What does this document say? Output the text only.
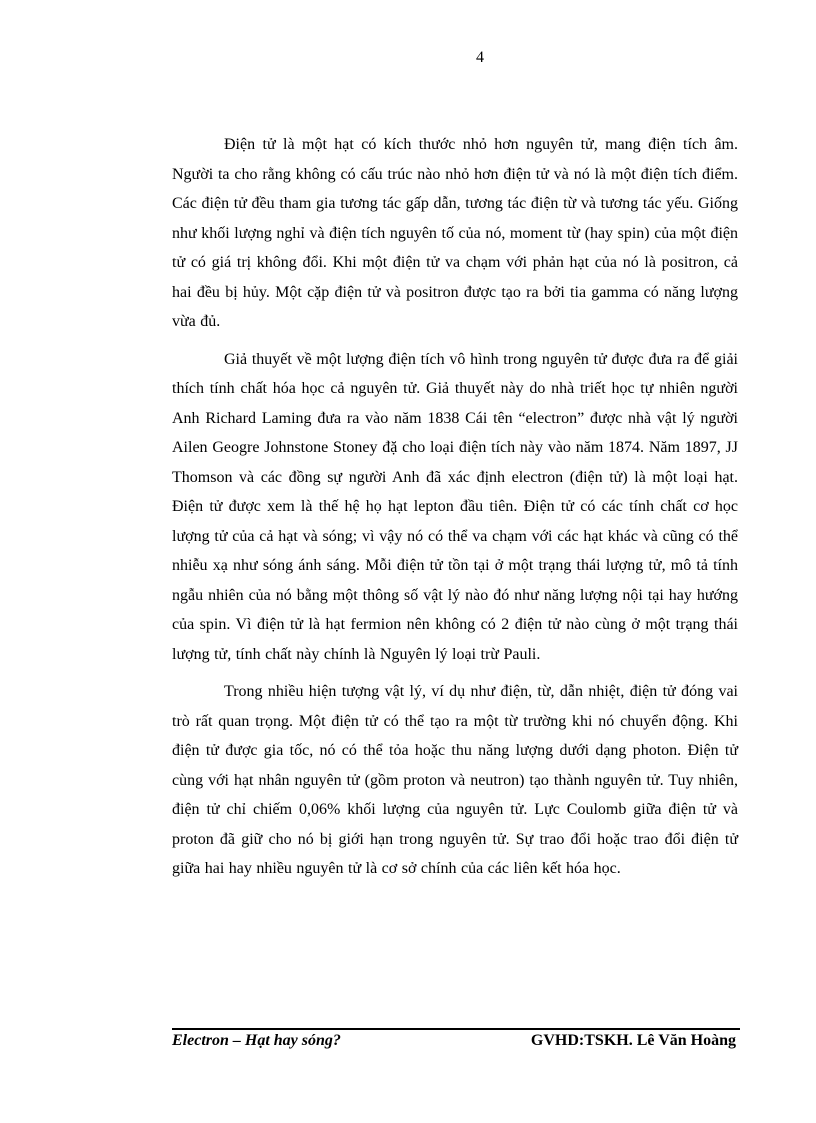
4

Điện tử là một hạt có kích thước nhỏ hơn nguyên tử, mang điện tích âm. Người ta cho rằng không có cấu trúc nào nhỏ hơn điện tử và nó là một điện tích điểm. Các điện tử đều tham gia tương tác gấp dẫn, tương tác điện từ và tương tác yếu. Giống như khối lượng nghỉ và điện tích nguyên tố của nó, moment từ (hay spin) của một điện tử có giá trị không đổi. Khi một điện tử va chạm với phản hạt của nó là positron, cả hai đều bị hủy. Một cặp điện tử và positron được tạo ra bởi tia gamma có năng lượng vừa đủ.

Giả thuyết về một lượng điện tích vô hình trong nguyên tử được đưa ra để giải thích tính chất hóa học cả nguyên tử. Giả thuyết này do nhà triết học tự nhiên người Anh Richard Laming đưa ra vào năm 1838 Cái tên “electron” được nhà vật lý người Ailen Geogre Johnstone Stoney đặ cho loại điện tích này vào năm 1874. Năm 1897, JJ Thomson và các đồng sự người Anh đã xác định electron (điện tử) là một loại hạt. Điện tử được xem là thế hệ họ hạt lepton đầu tiên. Điện tử có các tính chất cơ học lượng tử của cả hạt và sóng; vì vậy nó có thể va chạm với các hạt khác và cũng có thể nhiễu xạ như sóng ánh sáng. Mỗi điện tử tồn tại ở một trạng thái lượng tử, mô tả tính ngẫu nhiên của nó bằng một thông số vật lý nào đó như năng lượng nội tại hay hướng của spin. Vì điện tử là hạt fermion nên không có 2 điện tử nào cùng ở một trạng thái lượng tử, tính chất này chính là Nguyên lý loại trừ Pauli.

Trong nhiều hiện tượng vật lý, ví dụ như điện, từ, dẫn nhiệt, điện tử đóng vai trò rất quan trọng. Một điện tử có thể tạo ra một từ trường khi nó chuyển động. Khi điện tử được gia tốc, nó có thể tỏa hoặc thu năng lượng dưới dạng photon. Điện tử cùng với hạt nhân nguyên tử (gồm proton và neutron) tạo thành nguyên tử. Tuy nhiên, điện tử chỉ chiếm 0,06% khối lượng của nguyên tử. Lực Coulomb giữa điện tử và proton đã giữ cho nó bị giới hạn trong nguyên tử. Sự trao đổi hoặc trao đổi điện tử giữa hai hay nhiều nguyên tử là cơ sở chính của các liên kết hóa học.

Electron – Hạt hay sóng?	GVHD:TSKH. Lê Văn Hoàng
